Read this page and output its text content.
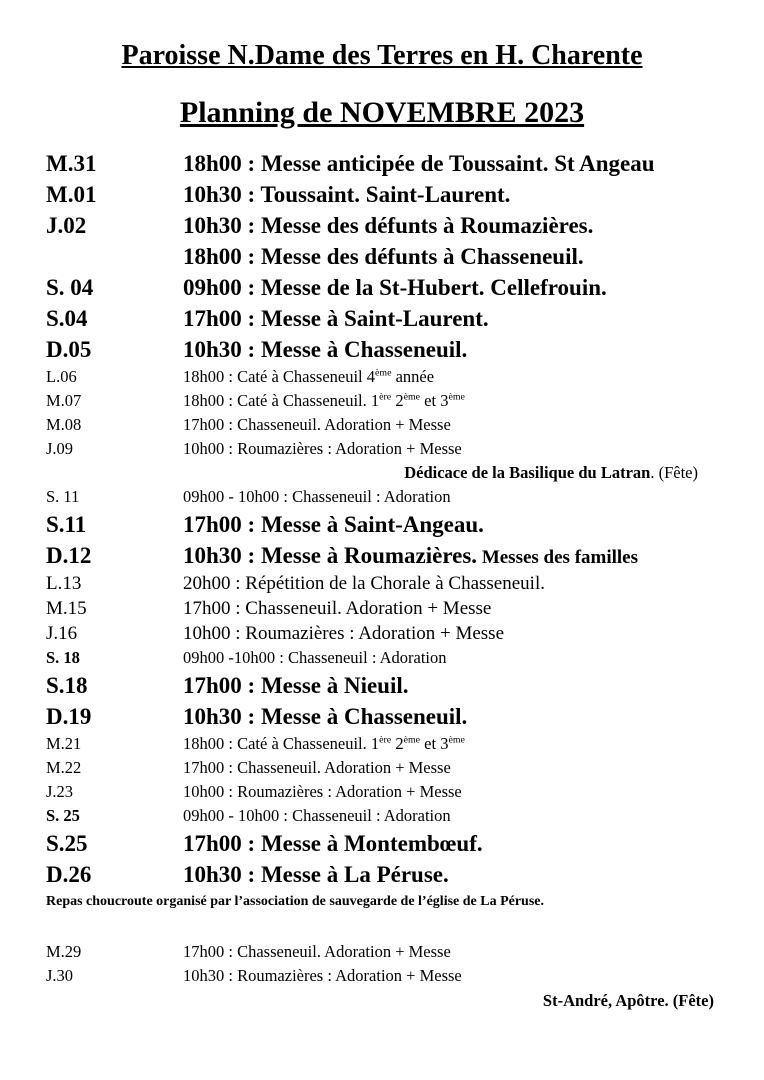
Paroisse N.Dame des Terres en H. Charente
Planning de NOVEMBRE 2023
M.31	18h00 : Messe anticipée de Toussaint. St Angeau
M.01	10h30 : Toussaint. Saint-Laurent.
J.02	10h30 : Messe des défunts à Roumazières.
18h00 : Messe des défunts à Chasseneuil.
S. 04	09h00 : Messe de la St-Hubert. Cellefrouin.
S.04	17h00 : Messe à Saint-Laurent.
D.05	10h30 : Messe à Chasseneuil.
L.06	18h00 : Caté à Chasseneuil 4ème année
M.07	18h00 : Caté à Chasseneuil. 1ère 2ème et 3ème
M.08	17h00 : Chasseneuil. Adoration + Messe
J.09	10h00 : Roumazières : Adoration + Messe
Dédicace de la Basilique du Latran. (Fête)
S. 11	09h00 - 10h00 : Chasseneuil : Adoration
S.11	17h00 : Messe à Saint-Angeau.
D.12	10h30 : Messe à Roumazières. Messes des familles
L.13	20h00 : Répétition de la Chorale à Chasseneuil.
M.15	17h00 : Chasseneuil. Adoration + Messe
J.16	10h00 : Roumazières : Adoration + Messe
S. 18	09h00 -10h00 : Chasseneuil : Adoration
S.18	17h00 : Messe à Nieuil.
D.19	10h30 : Messe à Chasseneuil.
M.21	18h00 : Caté à Chasseneuil. 1ère 2ème et 3ème
M.22	17h00 : Chasseneuil. Adoration + Messe
J.23	10h00 : Roumazières : Adoration + Messe
S. 25	09h00 - 10h00 : Chasseneuil : Adoration
S.25	17h00 : Messe à Montembœuf.
D.26	10h30 : Messe à La Péruse.
Repas choucroute organisé par l’association de sauvegarde de l’église de La Péruse.
M.29	17h00 : Chasseneuil. Adoration + Messe
J.30	10h30 : Roumazières : Adoration + Messe
St-André, Apôtre. (Fête)
